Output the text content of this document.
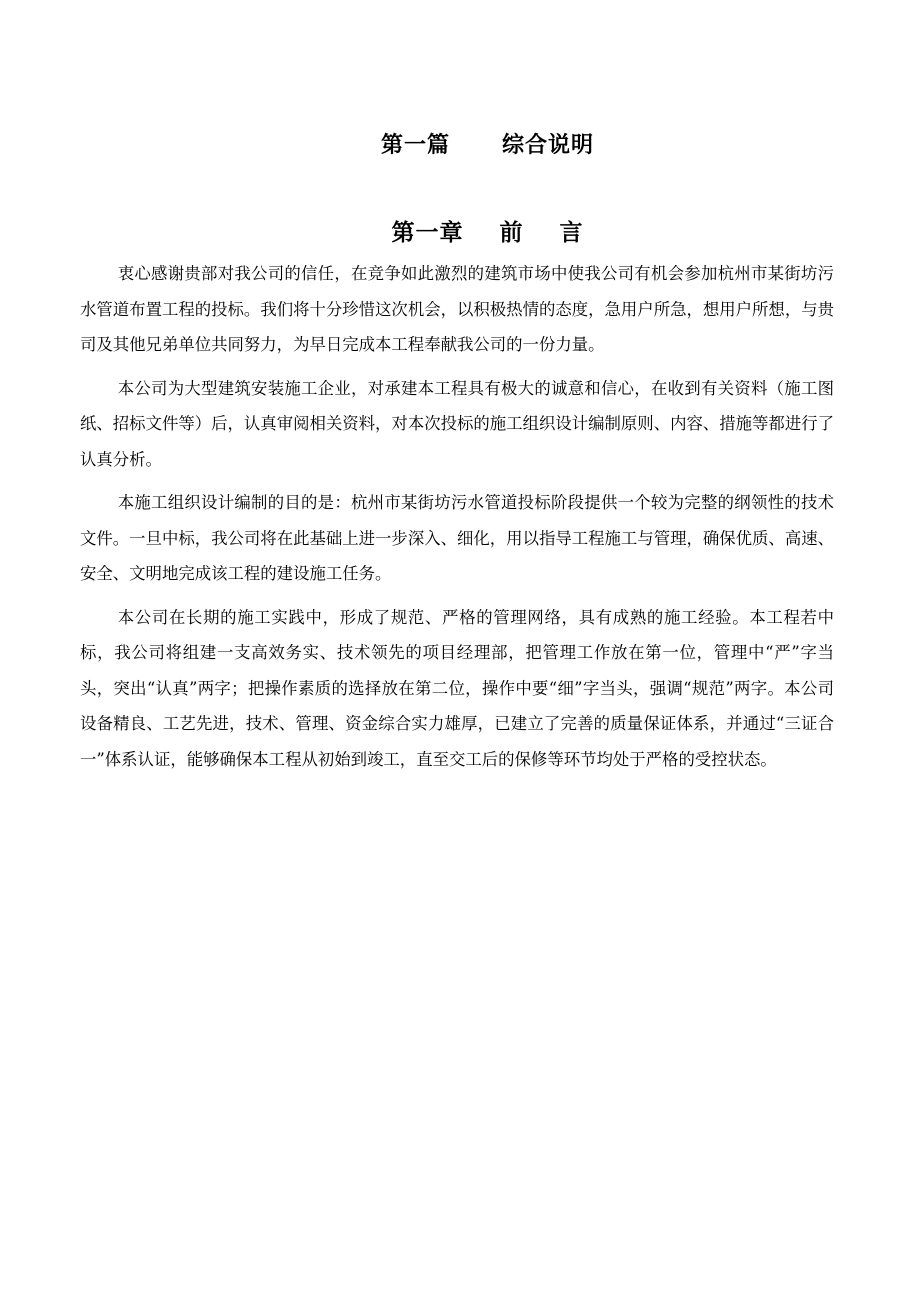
第一篇      综合说明
第一章    前    言

衷心感谢贵部对我公司的信任，在竞争如此激烈的建筑市场中使我公司有机会参加杭州市某街坊污水管道布置工程的投标。我们将十分珍惜这次机会，以积极热情的态度，急用户所急，想用户所想，与贵司及其他兄弟单位共同努力，为早日完成本工程奉献我公司的一份力量。

本公司为大型建筑安装施工企业，对承建本工程具有极大的诚意和信心，在收到有关资料（施工图纸、招标文件等）后，认真审阅相关资料，对本次投标的施工组织设计编制原则、内容、措施等都进行了认真分析。

本施工组织设计编制的目的是：杭州市某街坊污水管道投标阶段提供一个较为完整的纲领性的技术文件。一旦中标，我公司将在此基础上进一步深入、细化，用以指导工程施工与管理，确保优质、高速、安全、文明地完成该工程的建设施工任务。

本公司在长期的施工实践中，形成了规范、严格的管理网络，具有成熟的施工经验。本工程若中标，我公司将组建一支高效务实、技术领先的项目经理部，把管理工作放在第一位，管理中“严”字当头，突出“认真”两字；把操作素质的选择放在第二位，操作中要“细”字当头，强调“规范”两字。本公司设备精良、工艺先进，技术、管理、资金综合实力雄厚，已建立了完善的质量保证体系，并通过“三证合一”体系认证，能够确保本工程从初始到竣工，直至交工后的保修等环节均处于严格的受控状态。
